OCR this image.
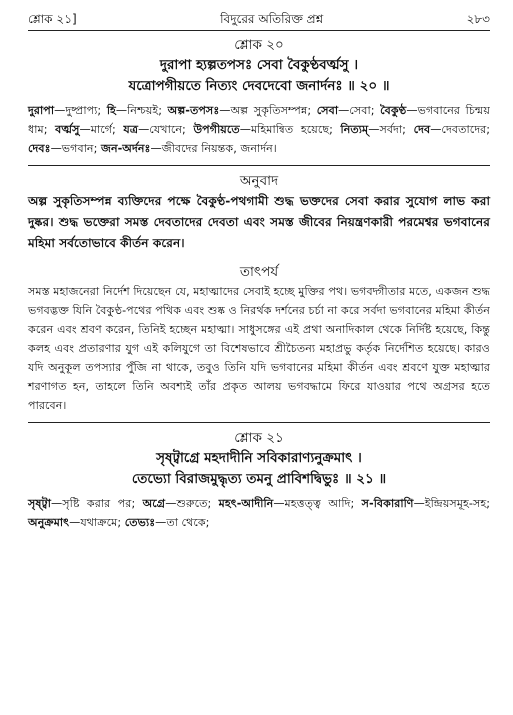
শ্লোক ২১]	বিদুরের অতিরিক্ত প্রশ্ন	২৮৩

শ্লোক ২০

দুরাপা হ্যল্পতপসঃ সেবা বৈকুণ্ঠবর্ত্মসু ।

যত্রোপগীয়তে নিত্যং দেবদেবো জনার্দনঃ ॥ ২০ ॥

দুরাপা—দুষ্প্রাপ্য; হি—নিশ্চয়ই; অল্প-তপসঃ—অল্প সুকৃতিসম্পন্ন; সেবা—সেবা; বৈকুণ্ঠ—ভগবানের চিন্ময় ধাম; বর্ত্মসু—মার্গে; যত্র—যেখানে; উপগীয়তে—মহিমান্বিত হয়েছে; নিত্যম্—সর্বদা; দেব—দেবতাদের; দেবঃ—ভগবান; জন-অর্দনঃ—জীবদের নিয়ন্তক, জনার্দন।

অনুবাদ

অল্প সুকৃতিসম্পন্ন ব্যক্তিদের পক্ষে বৈকুণ্ঠ-পথগামী শুদ্ধ ভক্তদের সেবা করার সুযোগ লাভ করা দুষ্কর। শুদ্ধ ভক্তেরা সমস্ত দেবতাদের দেবতা এবং সমস্ত জীবের নিয়ন্ত্রণকারী পরমেশ্বর ভগবানের মহিমা সর্বতোভাবে কীর্তন করেন।

তাৎপর্য

সমস্ত মহাজনেরা নির্দেশ দিয়েছেন যে, মহাত্মাদের সেবাই হচ্ছে মুক্তির পথ। ভগবদ্গীতার মতে, একজন শুদ্ধ ভগবদ্ভক্ত যিনি বৈকুণ্ঠ-পথের পথিক এবং শুষ্ক ও নিরর্থক দর্শনের চর্চা না করে সর্বদা ভগবানের মহিমা কীর্তন করেন এবং শ্রবণ করেন, তিনিই হচ্ছেন মহাত্মা। সাধুসঙ্গের এই প্রথা অনাদিকাল থেকে নির্দিষ্ট হয়েছে, কিন্তু কলহ এবং প্রতারণার যুগ এই কলিযুগে তা বিশেষভাবে শ্রীচৈতন্য মহাপ্রভু কর্তৃক নির্দেশিত হয়েছে। কারও যদি অনুকূল তপস্যার পুঁজি না থাকে, তবুও তিনি যদি ভগবানের মহিমা কীর্তন এবং শ্রবণে যুক্ত মহাত্মার শরণাগত হন, তাহলে তিনি অবশ্যই তাঁর প্রকৃত আলয় ভগবদ্ধামে ফিরে যাওয়ার পথে অগ্রসর হতে পারবেন।

শ্লোক ২১

সৃষ্ট্বাগ্রে মহদাদীনি সবিকারাণ্যনুক্রমাৎ ।

তেভ্যো বিরাজমুদ্ধৃত্য তমনু প্রাবিশদ্বিভুঃ ॥ ২১ ॥

সৃষ্ট্বা—সৃষ্টি করার পর; অগ্রে—শুরুতে; মহৎ-আদীনি—মহত্তত্ত্ব আদি; স-বিকারাণি—ইন্দ্রিয়সমূহ-সহ; অনুক্রমাৎ—যথাক্রমে; তেভ্যঃ—তা থেকে;
